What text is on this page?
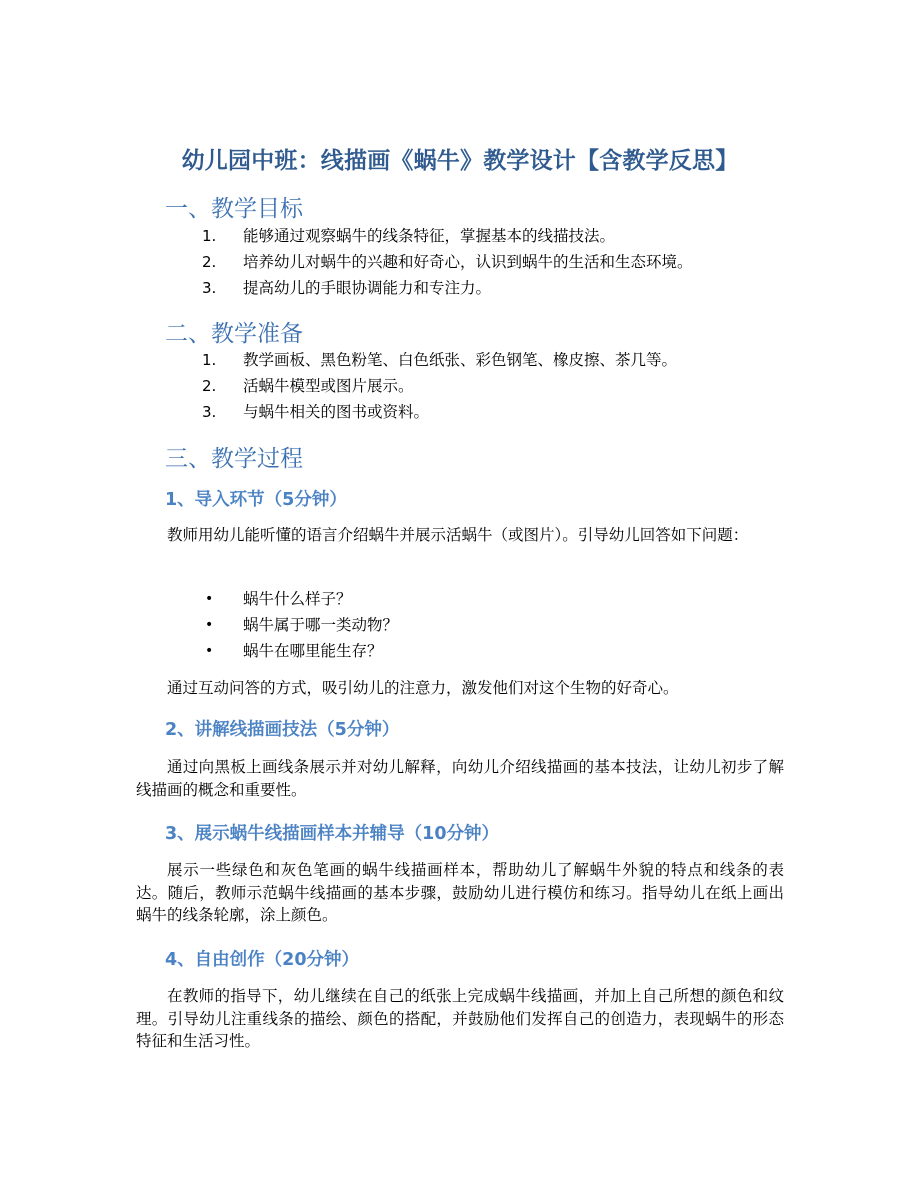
幼儿园中班：线描画《蜗牛》教学设计【含教学反思】
一、教学目标
1. 能够通过观察蜗牛的线条特征，掌握基本的线描技法。
2. 培养幼儿对蜗牛的兴趣和好奇心，认识到蜗牛的生活和生态环境。
3. 提高幼儿的手眼协调能力和专注力。
二、教学准备
1. 教学画板、黑色粉笔、白色纸张、彩色钢笔、橡皮擦、茶几等。
2. 活蜗牛模型或图片展示。
3. 与蜗牛相关的图书或资料。
三、教学过程
1、导入环节（5分钟）

教师用幼儿能听懂的语言介绍蜗牛并展示活蜗牛（或图片）。引导幼儿回答如下问题：

• 蜗牛什么样子？
• 蜗牛属于哪一类动物？
• 蜗牛在哪里能生存？

通过互动问答的方式，吸引幼儿的注意力，激发他们对这个生物的好奇心。

2、讲解线描画技法（5分钟）

通过向黑板上画线条展示并对幼儿解释，向幼儿介绍线描画的基本技法，让幼儿初步了解线描画的概念和重要性。

3、展示蜗牛线描画样本并辅导（10分钟）

展示一些绿色和灰色笔画的蜗牛线描画样本，帮助幼儿了解蜗牛外貌的特点和线条的表达。随后，教师示范蜗牛线描画的基本步骤，鼓励幼儿进行模仿和练习。指导幼儿在纸上画出蜗牛的线条轮廓，涂上颜色。

4、自由创作（20分钟）

在教师的指导下，幼儿继续在自己的纸张上完成蜗牛线描画，并加上自己所想的颜色和纹理。引导幼儿注重线条的描绘、颜色的搭配，并鼓励他们发挥自己的创造力，表现蜗牛的形态特征和生活习性。
